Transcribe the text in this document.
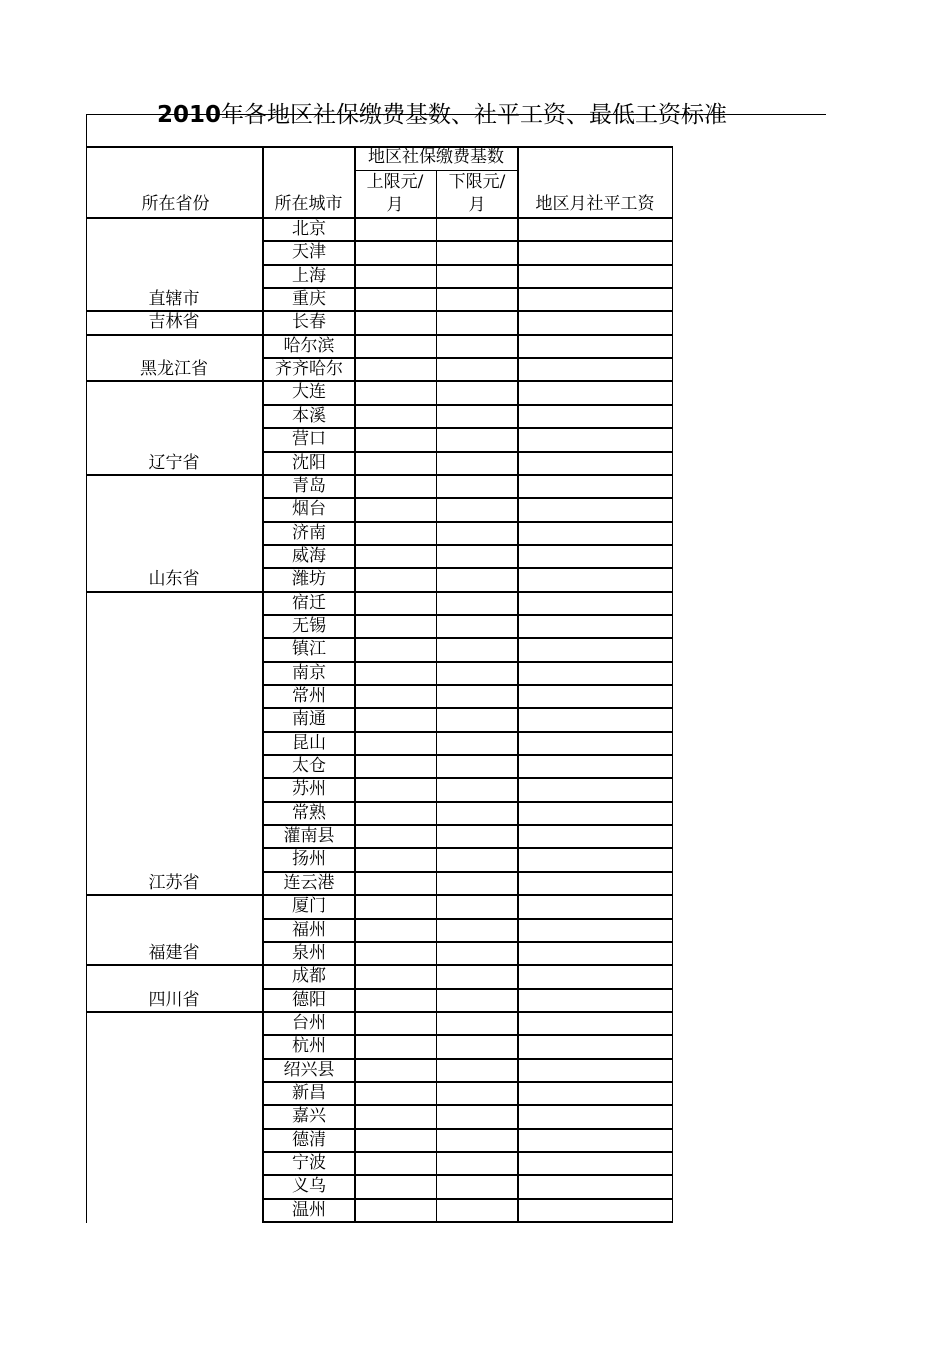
2010年各地区社保缴费基数、社平工资、最低工资标准
所在省份	所在城市
地区社保缴费基数
上限元/
月
下限元/
月	地区月社平工资
北京
天津
上海
重庆
直辖市
长春
吉林省
哈尔滨
齐齐哈尔
黑龙江省
大连
本溪
营口
沈阳
辽宁省
青岛
烟台
济南
威海
潍坊
山东省
宿迁
无锡
镇江
南京
常州
南通
昆山
太仓
苏州
常熟
灌南县
扬州
连云港
江苏省
厦门
福州
泉州
福建省
成都
德阳
四川省
台州
杭州
绍兴县
新昌
嘉兴
德清
宁波
义乌
温州
